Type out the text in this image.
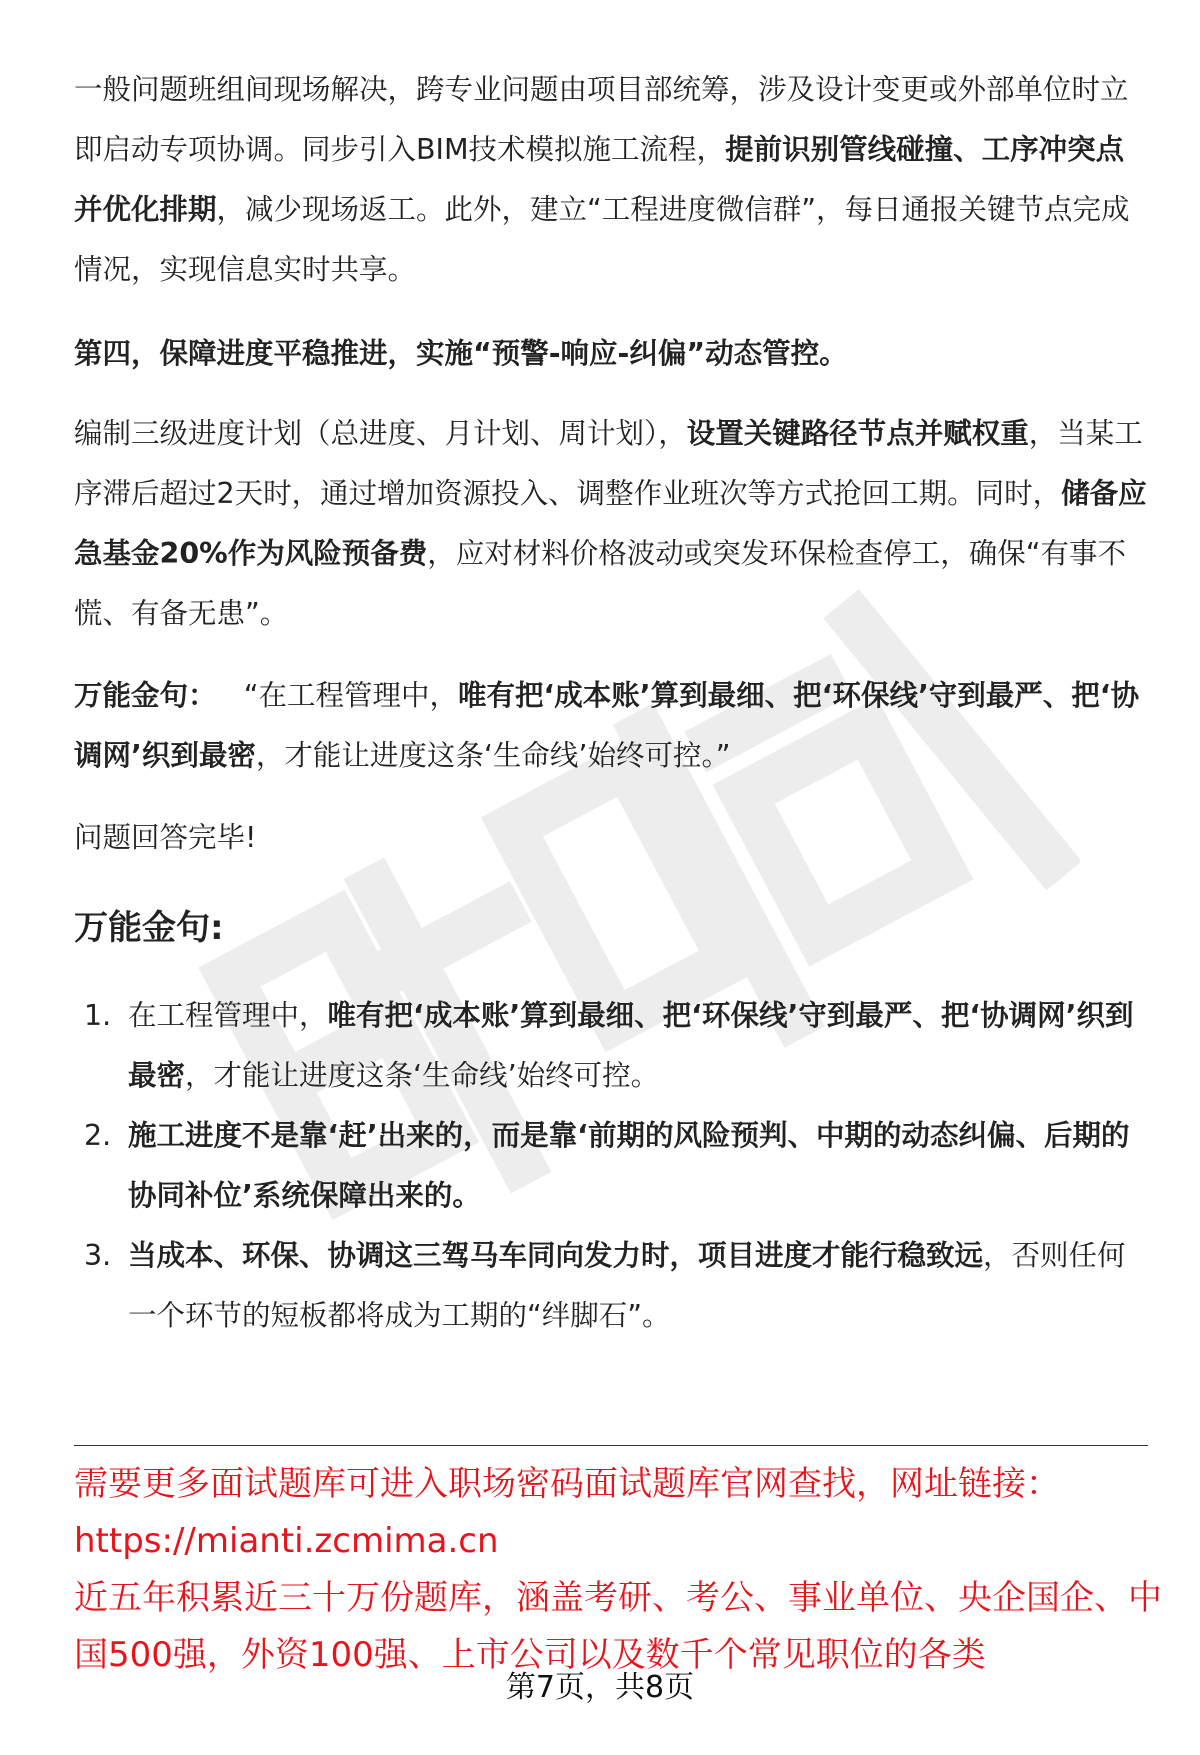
一般问题班组间现场解决，跨专业问题由项目部统筹，涉及设计变更或外部单位时立即启动专项协调。同步引入BIM技术模拟施工流程，提前识别管线碰撞、工序冲突点并优化排期，减少现场返工。此外，建立“工程进度微信群”，每日通报关键节点完成情况，实现信息实时共享。

第四，保障进度平稳推进，实施“预警-响应-纠偏”动态管控。

编制三级进度计划（总进度、月计划、周计划），设置关键路径节点并赋权重，当某工序滞后超过2天时，通过增加资源投入、调整作业班次等方式抢回工期。同时，储备应急基金20%作为风险预备费，应对材料价格波动或突发环保检查停工，确保“有事不慌、有备无患”。

万能金句： “在工程管理中，唯有把‘成本账’算到最细、把‘环保线’守到最严、把‘协调网’织到最密，才能让进度这条‘生命线’始终可控。”

问题回答完毕!

万能金句:

1. 在工程管理中，唯有把‘成本账’算到最细、把‘环保线’守到最严、把‘协调网’织到最密，才能让进度这条‘生命线’始终可控。
2. 施工进度不是靠‘赶’出来的，而是靠‘前期的风险预判、中期的动态纠偏、后期的协同补位’系统保障出来的。
3. 当成本、环保、协调这三驾马车同向发力时，项目进度才能行稳致远，否则任何一个环节的短板都将成为工期的“绊脚石”。
需要更多面试题库可进入职场密码面试题库官网查找，网址链接：
https://mianti.zcmima.cn
近五年积累近三十万份题库，涵盖考研、考公、事业单位、央企国企、中国500强，外资100强、上市公司以及数千个常见职位的各类
第7页，共8页
